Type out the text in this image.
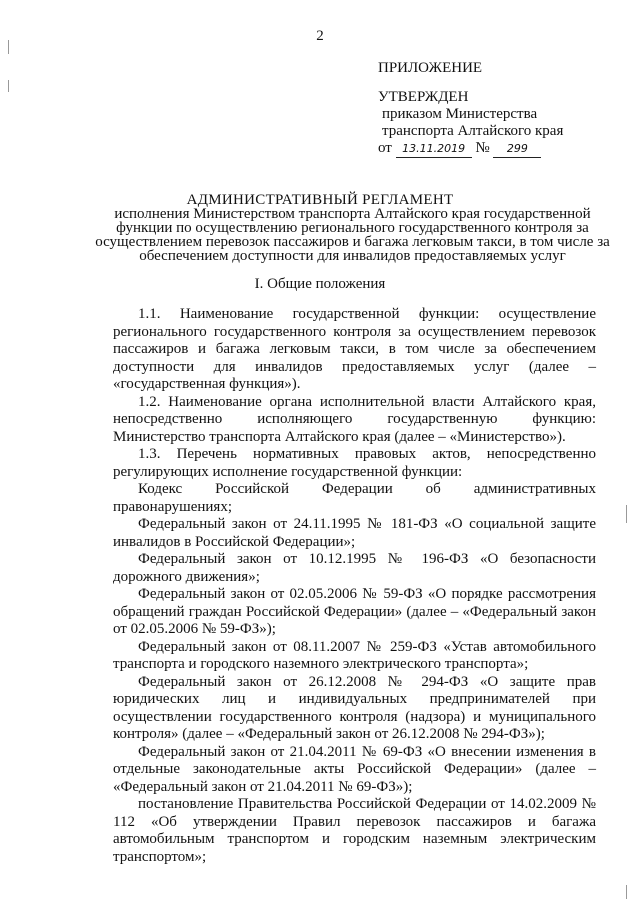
2
ПРИЛОЖЕНИЕ
УТВЕРЖДЕН
приказом Министерства
транспорта Алтайского края
от 13.11.2019 № 299
АДМИНИСТРАТИВНЫЙ РЕГЛАМЕНТ
исполнения Министерством транспорта Алтайского края государственной функции по осуществлению регионального государственного контроля за осуществлением перевозок пассажиров и багажа легковым такси, в том числе за обеспечением доступности для инвалидов предоставляемых услуг
I. Общие положения

1.1. Наименование государственной функции: осуществление регионального государственного контроля за осуществлением перевозок пассажиров и багажа легковым такси, в том числе за обеспечением доступности для инвалидов предоставляемых услуг (далее – «государственная функция»).

1.2. Наименование органа исполнительной власти Алтайского края, непосредственно исполняющего государственную функцию: Министерство транспорта Алтайского края (далее – «Министерство»).

1.3. Перечень нормативных правовых актов, непосредственно регулирующих исполнение государственной функции:

Кодекс Российской Федерации об административных правонарушениях;

Федеральный закон от 24.11.1995 № 181-ФЗ «О социальной защите инвалидов в Российской Федерации»;

Федеральный закон от 10.12.1995 № 196-ФЗ «О безопасности дорожного движения»;

Федеральный закон от 02.05.2006 № 59-ФЗ «О порядке рассмотрения обращений граждан Российской Федерации» (далее – «Федеральный закон от 02.05.2006 № 59-ФЗ»);

Федеральный закон от 08.11.2007 № 259-ФЗ «Устав автомобильного транспорта и городского наземного электрического транспорта»;

Федеральный закон от 26.12.2008 № 294-ФЗ «О защите прав юридических лиц и индивидуальных предпринимателей при осуществлении государственного контроля (надзора) и муниципального контроля» (далее – «Федеральный закон от 26.12.2008 № 294-ФЗ»);

Федеральный закон от 21.04.2011 № 69-ФЗ «О внесении изменения в отдельные законодательные акты Российской Федерации» (далее – «Федеральный закон от 21.04.2011 № 69-ФЗ»);

постановление Правительства Российской Федерации от 14.02.2009 № 112 «Об утверждении Правил перевозок пассажиров и багажа автомобильным транспортом и городским наземным электрическим транспортом»;
